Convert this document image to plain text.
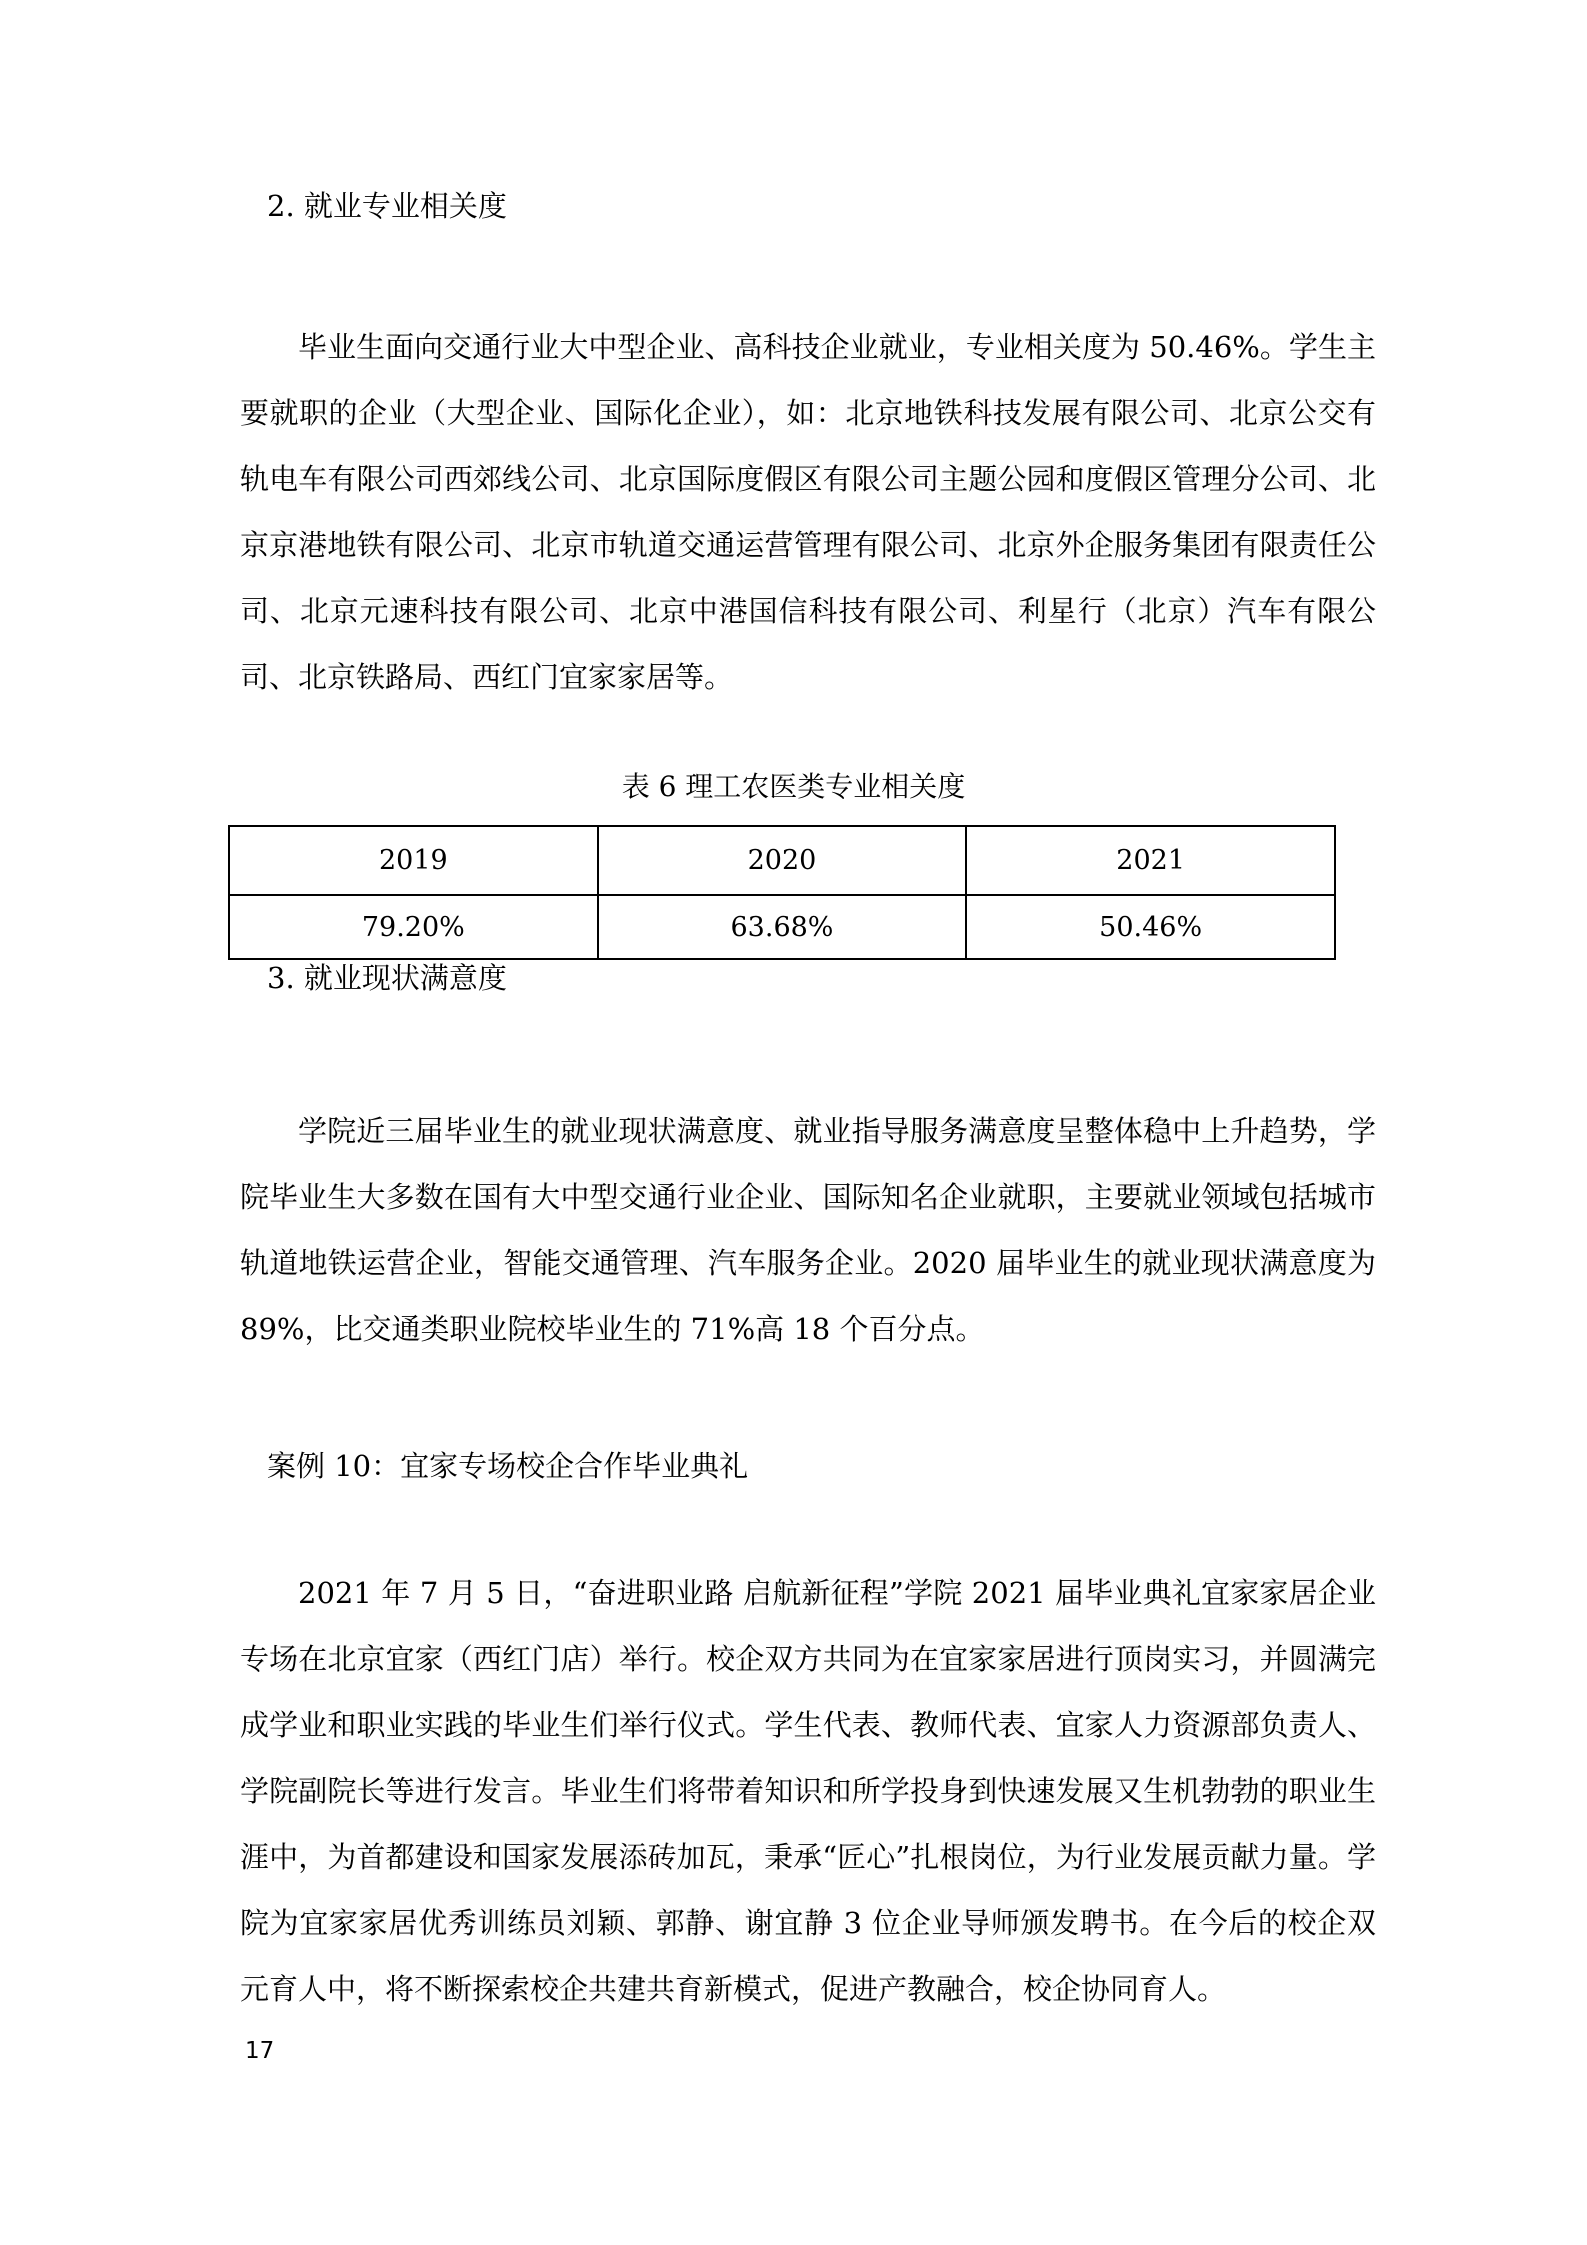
2. 就业专业相关度

毕业生面向交通行业大中型企业、高科技企业就业，专业相关度为 50.46%。学生主要就职的企业（大型企业、国际化企业），如：北京地铁科技发展有限公司、北京公交有轨电车有限公司西郊线公司、北京国际度假区有限公司主题公园和度假区管理分公司、北京京港地铁有限公司、北京市轨道交通运营管理有限公司、北京外企服务集团有限责任公司、北京元速科技有限公司、北京中港国信科技有限公司、利星行（北京）汽车有限公司、北京铁路局、西红门宜家家居等。

表 6 理工农医类专业相关度
2019	2020	2021
79.20%	63.68%	50.46%
3. 就业现状满意度

学院近三届毕业生的就业现状满意度、就业指导服务满意度呈整体稳中上升趋势，学院毕业生大多数在国有大中型交通行业企业、国际知名企业就职，主要就业领域包括城市轨道地铁运营企业，智能交通管理、汽车服务企业。2020 届毕业生的就业现状满意度为 89%，比交通类职业院校毕业生的 71%高 18 个百分点。

案例 10：宜家专场校企合作毕业典礼

2021 年 7 月 5 日，“奋进职业路 启航新征程”学院 2021 届毕业典礼宜家家居企业专场在北京宜家（西红门店）举行。校企双方共同为在宜家家居进行顶岗实习，并圆满完成学业和职业实践的毕业生们举行仪式。学生代表、教师代表、宜家人力资源部负责人、学院副院长等进行发言。毕业生们将带着知识和所学投身到快速发展又生机勃勃的职业生涯中，为首都建设和国家发展添砖加瓦，秉承“匠心”扎根岗位，为行业发展贡献力量。学院为宜家家居优秀训练员刘颖、郭静、谢宜静 3 位企业导师颁发聘书。在今后的校企双元育人中，将不断探索校企共建共育新模式，促进产教融合，校企协同育人。

17
